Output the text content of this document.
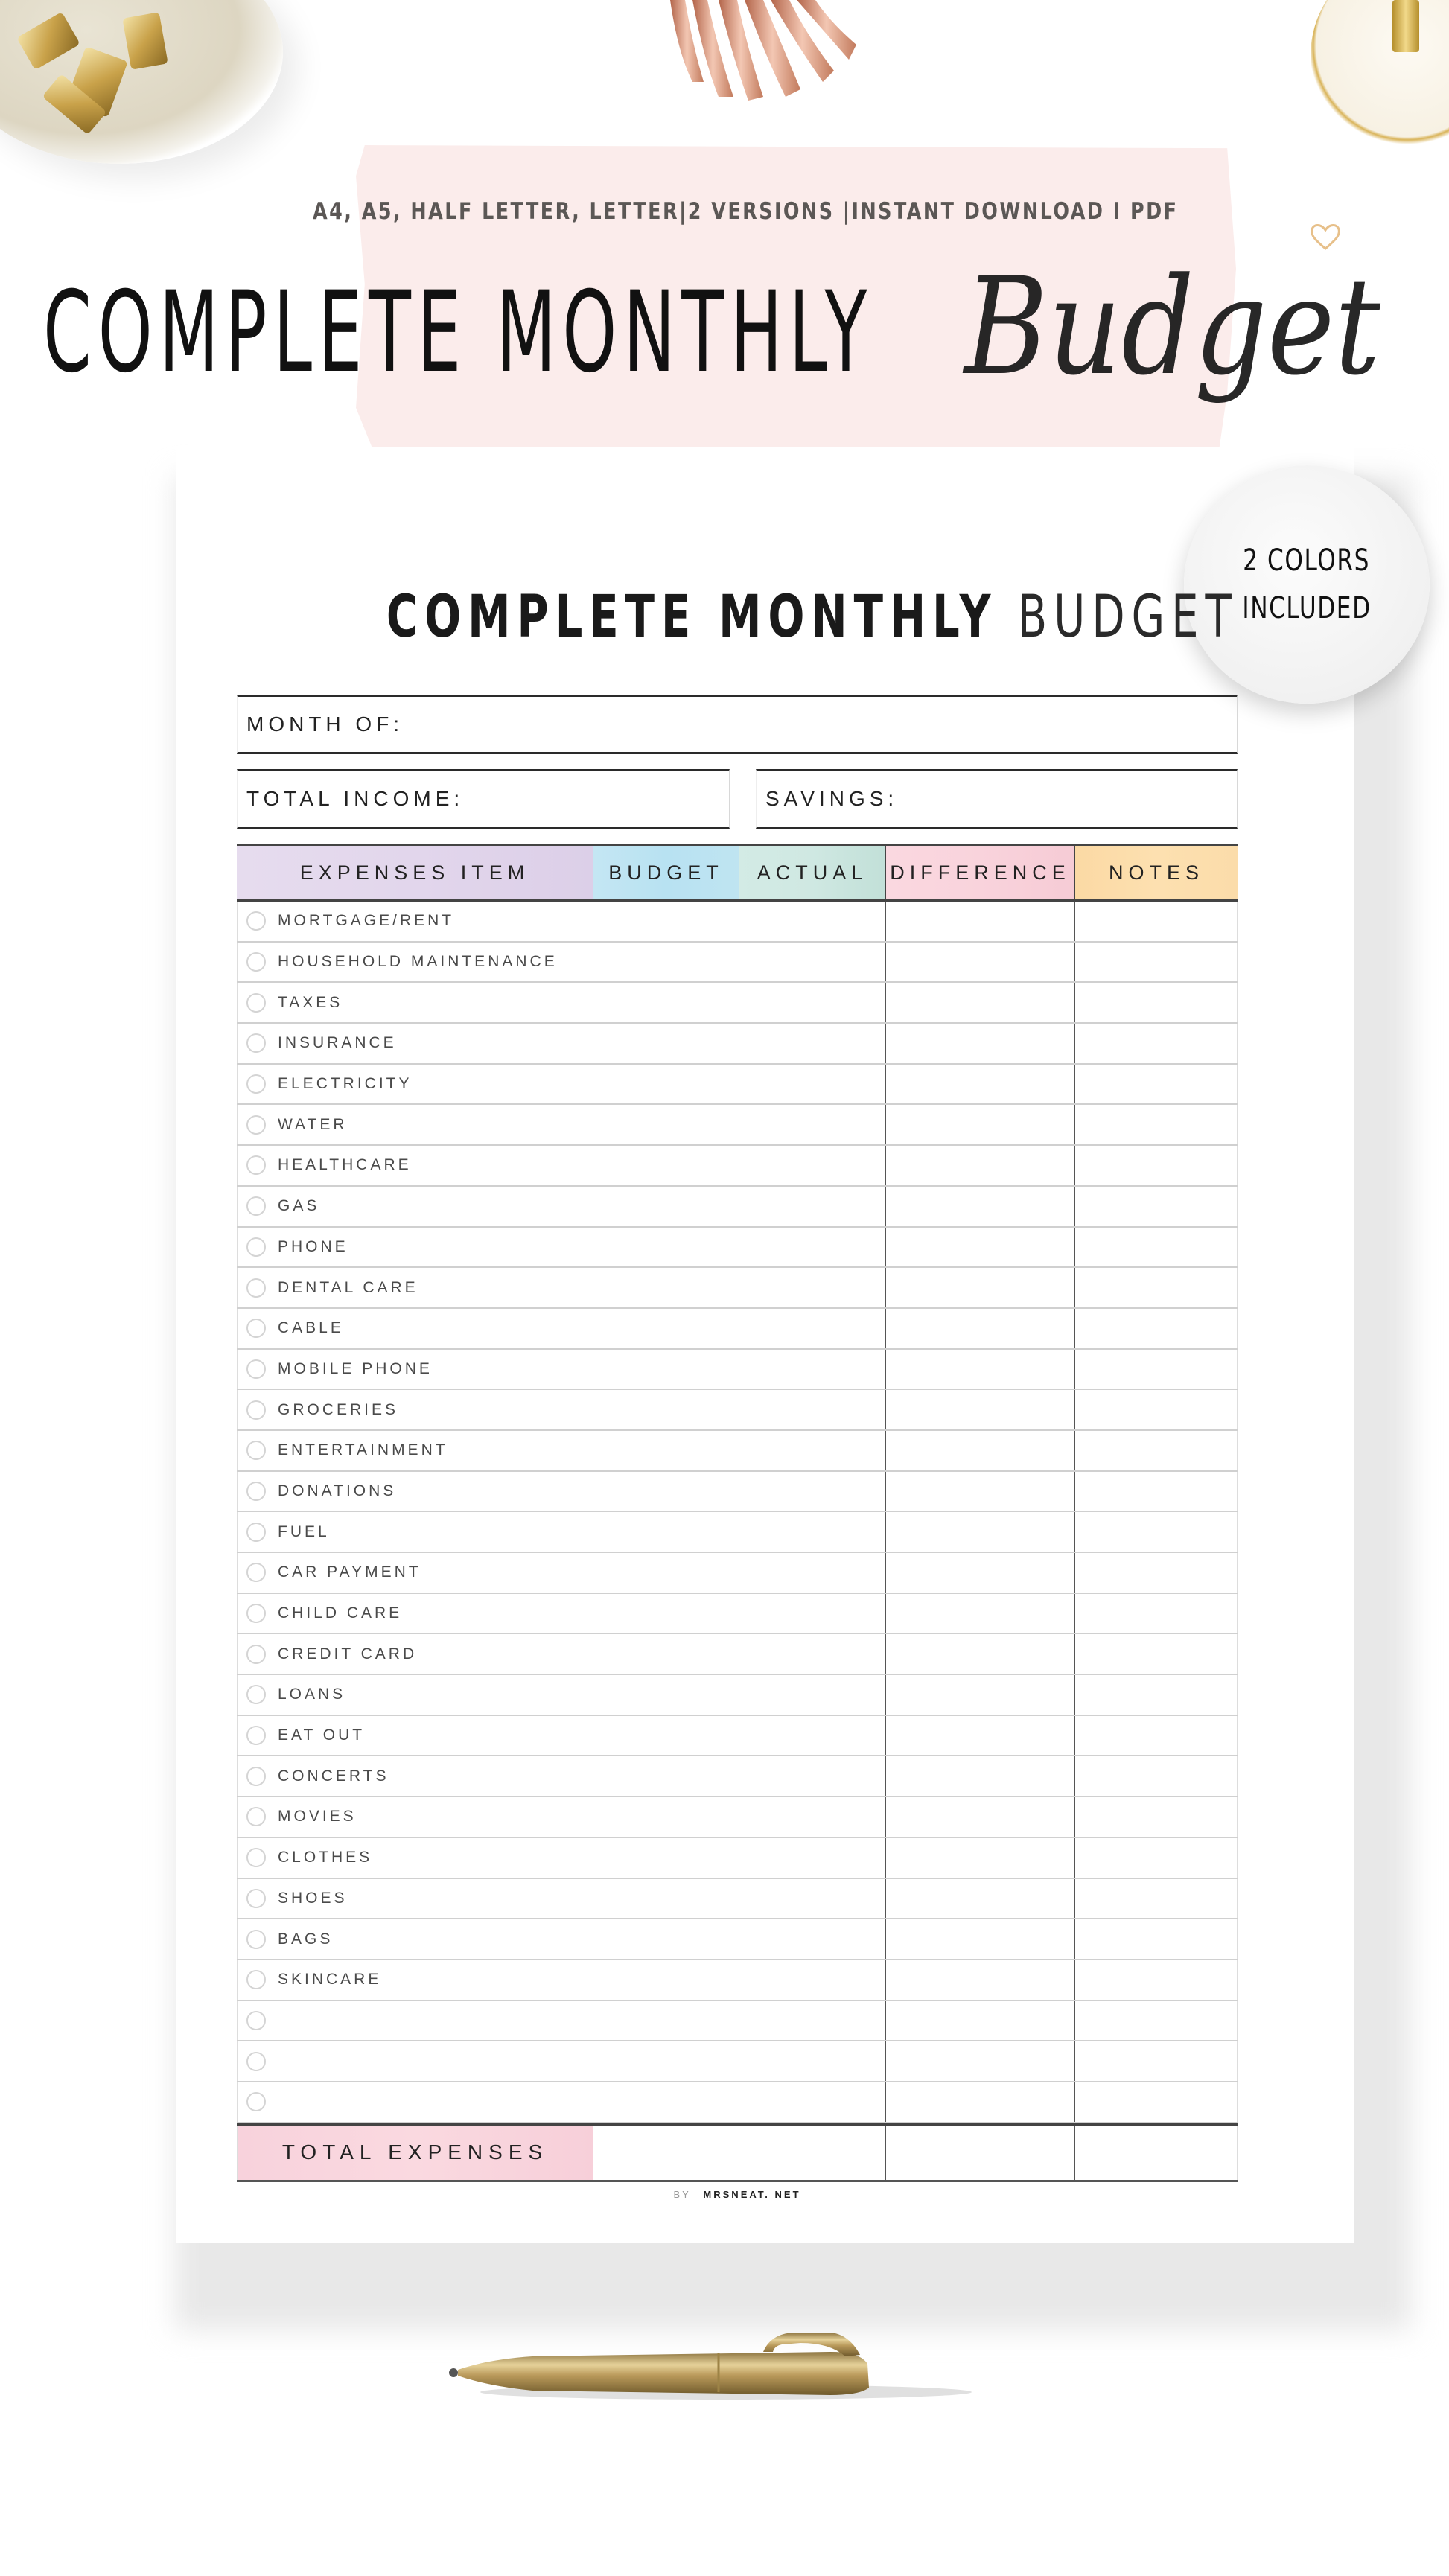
A4, A5, HALF LETTER, LETTER|2 VERSIONS |INSTANT DOWNLOAD I PDF
COMPLETE MONTHLY Budget
2 COLORS
INCLUDED
COMPLETE MONTHLY BUDGET
MONTH OF:
TOTAL INCOME:	SAVINGS:
EXPENSES ITEM	BUDGET	ACTUAL	DIFFERENCE	NOTES
MORTGAGE/RENT
HOUSEHOLD MAINTENANCE
TAXES
INSURANCE
ELECTRICITY
WATER
HEALTHCARE
GAS
PHONE
DENTAL CARE
CABLE
MOBILE PHONE
GROCERIES
ENTERTAINMENT
DONATIONS
FUEL
CAR PAYMENT
CHILD CARE
CREDIT CARD
LOANS
EAT OUT
CONCERTS
MOVIES
CLOTHES
SHOES
BAGS
SKINCARE
TOTAL EXPENSES
BY MRSNEAT. NET
